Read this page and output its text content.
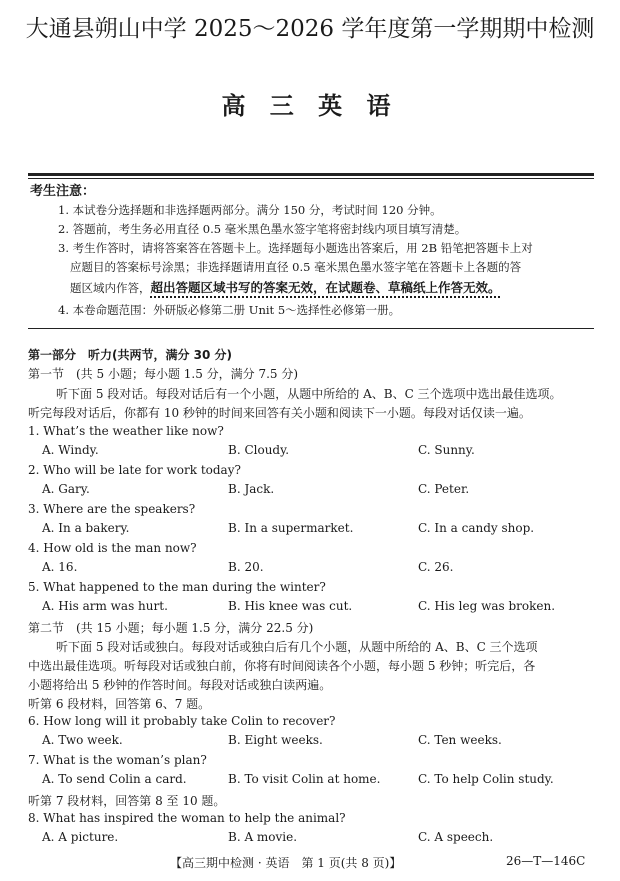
大通县朔山中学 2025～2026 学年度第一学期期中检测
高 三 英 语
考生注意：
1. 本试卷分选择题和非选择题两部分。满分 150 分，考试时间 120 分钟。
2. 答题前，考生务必用直径 0.5 毫米黑色墨水签字笔将密封线内项目填写清楚。
3. 考生作答时，请将答案答在答题卡上。选择题每小题选出答案后，用 2B 铅笔把答题卡上对
应题目的答案标号涂黑；非选择题请用直径 0.5 毫米黑色墨水签字笔在答题卡上各题的答
题区域内作答，超出答题区域书写的答案无效，在试题卷、草稿纸上作答无效。
4. 本卷命题范围：外研版必修第二册 Unit 5～选择性必修第一册。
第一部分　听力(共两节，满分 30 分)
第一节　(共 5 小题；每小题 1.5 分，满分 7.5 分)
听下面 5 段对话。每段对话后有一个小题，从题中所给的 A、B、C 三个选项中选出最佳选项。
听完每段对话后，你都有 10 秒钟的时间来回答有关小题和阅读下一小题。每段对话仅读一遍。
1. What’s the weather like now?
A. Windy.	B. Cloudy.	C. Sunny.
2. Who will be late for work today?
A. Gary.	B. Jack.	C. Peter.
3. Where are the speakers?
A. In a bakery.	B. In a supermarket.	C. In a candy shop.
4. How old is the man now?
A. 16.	B. 20.	C. 26.
5. What happened to the man during the winter?
A. His arm was hurt.	B. His knee was cut.	C. His leg was broken.
第二节　(共 15 小题；每小题 1.5 分，满分 22.5 分)
听下面 5 段对话或独白。每段对话或独白后有几个小题，从题中所给的 A、B、C 三个选项
中选出最佳选项。听每段对话或独白前，你将有时间阅读各个小题，每小题 5 秒钟；听完后，各
小题将给出 5 秒钟的作答时间。每段对话或独白读两遍。
听第 6 段材料，回答第 6、7 题。
6. How long will it probably take Colin to recover?
A. Two week.	B. Eight weeks.	C. Ten weeks.
7. What is the woman’s plan?
A. To send Colin a card.	B. To visit Colin at home.	C. To help Colin study.
听第 7 段材料，回答第 8 至 10 题。
8. What has inspired the woman to help the animal?
A. A picture.	B. A movie.	C. A speech.
【高三期中检测 · 英语　第 1 页(共 8 页)】	26—T—146C
